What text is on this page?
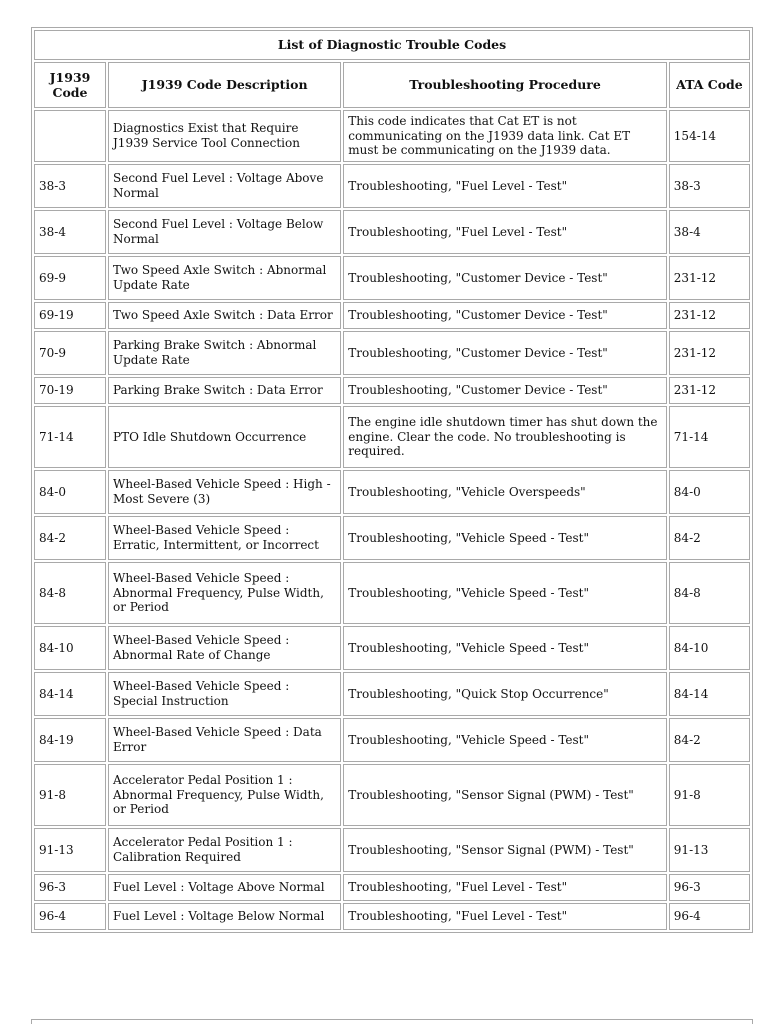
List of Diagnostic Trouble Codes			
J1939 Code	J1939 Code Description	Troubleshooting Procedure	ATA Code
	Diagnostics Exist that Require J1939 Service Tool Connection	This code indicates that Cat ET is not communicating on the J1939 data link. Cat ET must be communicating on the J1939 data.	154-14
38-3	Second Fuel Level : Voltage Above Normal	Troubleshooting, "Fuel Level - Test"	38-3
38-4	Second Fuel Level : Voltage Below Normal	Troubleshooting, "Fuel Level - Test"	38-4
69-9	Two Speed Axle Switch : Abnormal Update Rate	Troubleshooting, "Customer Device - Test"	231-12
69-19	Two Speed Axle Switch : Data Error	Troubleshooting, "Customer Device - Test"	231-12
70-9	Parking Brake Switch : Abnormal Update Rate	Troubleshooting, "Customer Device - Test"	231-12
70-19	Parking Brake Switch : Data Error	Troubleshooting, "Customer Device - Test"	231-12
71-14	PTO Idle Shutdown Occurrence	The engine idle shutdown timer has shut down the engine. Clear the code. No troubleshooting is required.	71-14
84-0	Wheel-Based Vehicle Speed : High - Most Severe (3)	Troubleshooting, "Vehicle Overspeeds"	84-0
84-2	Wheel-Based Vehicle Speed : Erratic, Intermittent, or Incorrect	Troubleshooting, "Vehicle Speed - Test"	84-2
84-8	Wheel-Based Vehicle Speed : Abnormal Frequency, Pulse Width, or Period	Troubleshooting, "Vehicle Speed - Test"	84-8
84-10	Wheel-Based Vehicle Speed : Abnormal Rate of Change	Troubleshooting, "Vehicle Speed - Test"	84-10
84-14	Wheel-Based Vehicle Speed : Special Instruction	Troubleshooting, "Quick Stop Occurrence"	84-14
84-19	Wheel-Based Vehicle Speed : Data Error	Troubleshooting, "Vehicle Speed - Test"	84-2
91-8	Accelerator Pedal Position 1 : Abnormal Frequency, Pulse Width, or Period	Troubleshooting, "Sensor Signal (PWM) - Test"	91-8
91-13	Accelerator Pedal Position 1 : Calibration Required	Troubleshooting, "Sensor Signal (PWM) - Test"	91-13
96-3	Fuel Level : Voltage Above Normal	Troubleshooting, "Fuel Level - Test"	96-3
96-4	Fuel Level : Voltage Below Normal	Troubleshooting, "Fuel Level - Test"	96-4
